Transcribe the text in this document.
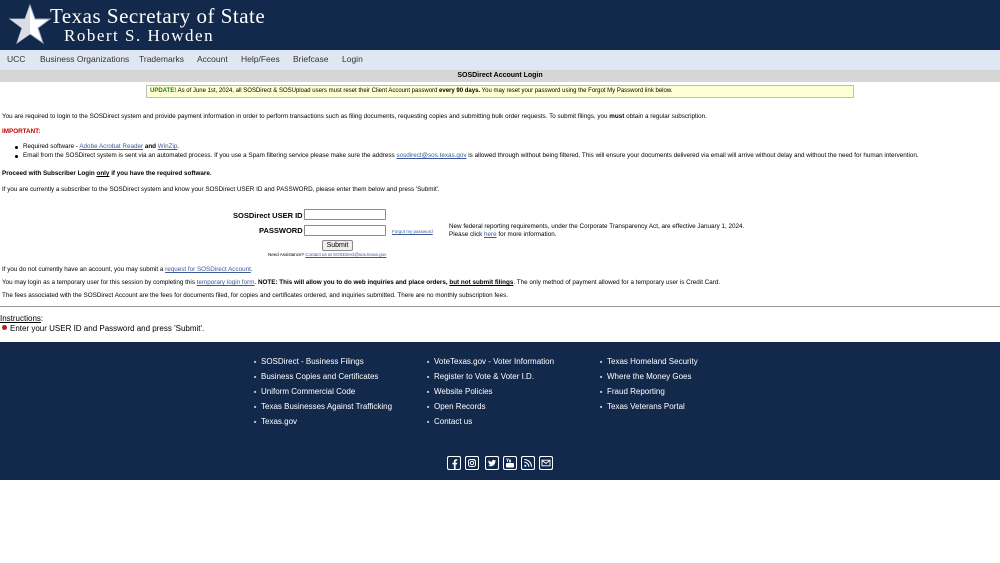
Texas Secretary of State
Robert S. Howden
UCC Business Organizations Trademarks Account Help/Fees Briefcase Login
SOSDirect Account Login
UPDATE! As of June 1st, 2024, all SOSDirect & SOSUpload users must reset their Client Account password every 90 days. You may reset your password using the Forgot My Password link below.
You are required to login to the SOSDirect system and provide payment information in order to perform transactions such as filing documents, requesting copies and submitting bulk order requests. To submit filings, you must obtain a regular subscription.
IMPORTANT:
Required software - Adobe Acrobat Reader and WinZip.
Email from the SOSDirect system is sent via an automated process. If you use a Spam filtering service please make sure the address sosdirect@sos.texas.gov is allowed through without being filtered. This will ensure your documents delivered via email will arrive without delay and without the need for human intervention.
Proceed with Subscriber Login only if you have the required software.
If you are currently a subscriber to the SOSDirect system and know your SOSDirect USER ID and PASSWORD, please enter them below and press 'Submit'.
SOSDirect USER ID
PASSWORD	Forgot my password
New federal reporting requirements, under the Corporate Transparency Act, are effective January 1, 2024.
Please click here for more information.
Submit
Need Assistance? Contact us at SOSDirect@sos.texas.gov
If you do not currently have an account, you may submit a request for SOSDirect Account.
You may login as a temporary user for this session by completing this temporary login form. NOTE: This will allow you to do web inquiries and place orders, but not submit filings. The only method of payment allowed for a temporary user is Credit Card.
The fees associated with the SOSDirect Account are the fees for documents filed, for copies and certificates ordered, and inquiries submitted. There are no monthly subscription fees.
Instructions:
Enter your USER ID and Password and press 'Submit'.
■ SOSDirect - Business Filings
■ Business Copies and Certificates
■ Uniform Commercial Code
■ Texas Businesses Against Trafficking
■ Texas.gov
■ VoteTexas.gov - Voter Information
■ Register to Vote & Voter I.D.
■ Website Policies
■ Open Records
■ Contact us
■ Texas Homeland Security
■ Where the Money Goes
■ Fraud Reporting
■ Texas Veterans Portal
